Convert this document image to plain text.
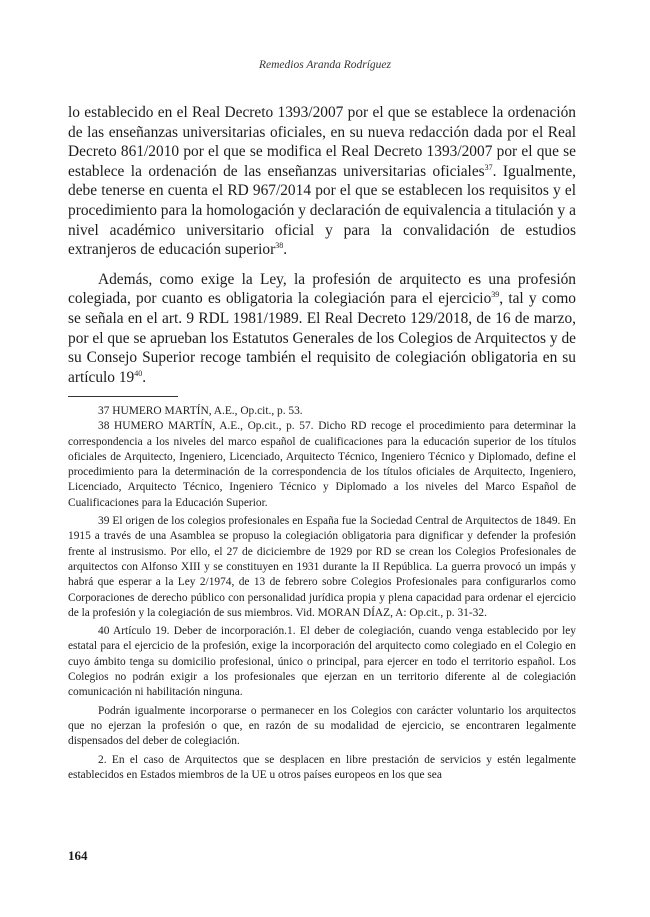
Remedios Aranda Rodríguez

lo establecido en el Real Decreto 1393/2007 por el que se establece la ordenación de las enseñanzas universitarias oficiales, en su nueva redacción dada por el Real Decreto 861/2010 por el que se modifica el Real Decreto 1393/2007 por el que se establece la ordenación de las enseñanzas universitarias oficiales$^{37}$. Igualmente, debe tenerse en cuenta el RD 967/2014 por el que se establecen los requisitos y el procedimiento para la homologación y declaración de equivalencia a titulación y a nivel académico universitario oficial y para la convalidación de estudios extranjeros de educación superior$^{38}$.

Además, como exige la Ley, la profesión de arquitecto es una profesión colegiada, por cuanto es obligatoria la colegiación para el ejercicio$^{39}$, tal y como se señala en el art. 9 RDL 1981/1989. El Real Decreto 129/2018, de 16 de marzo, por el que se aprueban los Estatutos Generales de los Colegios de Arquitectos y de su Consejo Superior recoge también el requisito de colegiación obligatoria en su artículo $19^{40}$.

37 HUMERO MARTÍN, A.E., Op.cit., p. 53.

38 HUMERO MARTÍN, A.E., Op.cit., p. 57. Dicho RD recoge el procedimiento para determinar la correspondencia a los niveles del marco español de cualificaciones para la educación superior de los títulos oficiales de Arquitecto, Ingeniero, Licenciado, Arquitecto Técnico, Ingeniero Técnico y Diplomado, define el procedimiento para la determinación de la correspondencia de los títulos oficiales de Arquitecto, Ingeniero, Licenciado, Arquitecto Técnico, Ingeniero Técnico y Diplomado a los niveles del Marco Español de Cualificaciones para la Educación Superior.

39 El origen de los colegios profesionales en España fue la Sociedad Central de Arquitectos de 1849. En 1915 a través de una Asamblea se propuso la colegiación obligatoria para dignificar y defender la profesión frente al instrusismo. Por ello, el 27 de diciciembre de 1929 por RD se crean los Colegios Profesionales de arquitectos con Alfonso XIII y se constituyen en 1931 durante la II República. La guerra provocó un impás y habrá que esperar a la Ley 2/1974, de 13 de febrero sobre Colegios Profesionales para configurarlos como Corporaciones de derecho público con personalidad jurídica propia y plena capacidad para ordenar el ejercicio de la profesión y la colegiación de sus miembros. Vid. MORAN DÍAZ, A: Op.cit., p. 31-32.

40 Artículo 19. Deber de incorporación.1. El deber de colegiación, cuando venga establecido por ley estatal para el ejercicio de la profesión, exige la incorporación del arquitecto como colegiado en el Colegio en cuyo ámbito tenga su domicilio profesional, único o principal, para ejercer en todo el territorio español. Los Colegios no podrán exigir a los profesionales que ejerzan en un territorio diferente al de colegiación comunicación ni habilitación ninguna.

Podrán igualmente incorporarse o permanecer en los Colegios con carácter voluntario los arquitectos que no ejerzan la profesión o que, en razón de su modalidad de ejercicio, se encontraren legalmente dispensados del deber de colegiación.

2. En el caso de Arquitectos que se desplacen en libre prestación de servicios y estén legalmente establecidos en Estados miembros de la UE u otros países europeos en los que sea

164
